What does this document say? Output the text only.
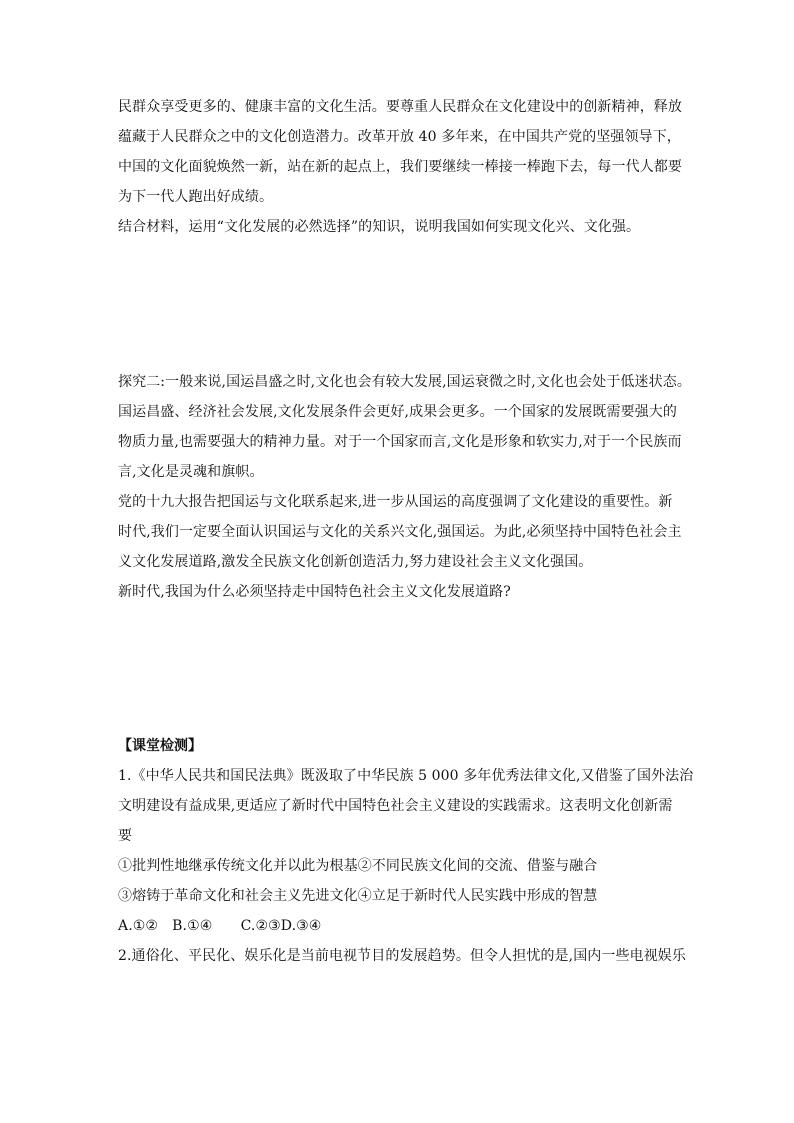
民群众享受更多的、健康丰富的文化生活。要尊重人民群众在文化建设中的创新精神，释放

蕴藏于人民群众之中的文化创造潜力。改革开放 40 多年来，在中国共产党的坚强领导下，

中国的文化面貌焕然一新，站在新的起点上，我们要继续一棒接一棒跑下去，每一代人都要

为下一代人跑出好成绩。

结合材料，运用“文化发展的必然选择”的知识，说明我国如何实现文化兴、文化强。

探究二:一般来说,国运昌盛之时,文化也会有较大发展,国运衰微之时,文化也会处于低迷状态。

国运昌盛、经济社会发展,文化发展条件会更好,成果会更多。一个国家的发展既需要强大的

物质力量,也需要强大的精神力量。对于一个国家而言,文化是形象和软实力,对于一个民族而

言,文化是灵魂和旗帜。

党的十九大报告把国运与文化联系起来,进一步从国运的高度强调了文化建设的重要性。新

时代,我们一定要全面认识国运与文化的关系兴文化,强国运。为此,必须坚持中国特色社会主

义文化发展道路,激发全民族文化创新创造活力,努力建设社会主义文化强国。

新时代,我国为什么必须坚持走中国特色社会主义文化发展道路?

【课堂检测】

1.《中华人民共和国民法典》既汲取了中华民族 5 000 多年优秀法律文化,又借鉴了国外法治

文明建设有益成果,更适应了新时代中国特色社会主义建设的实践需求。这表明文化创新需

要

①批判性地继承传统文化并以此为根基②不同民族文化间的交流、借鉴与融合

③熔铸于革命文化和社会主义先进文化④立足于新时代人民实践中形成的智慧

A.①②　B.①④　　C.②③D.③④

2.通俗化、平民化、娱乐化是当前电视节目的发展趋势。但令人担忧的是,国内一些电视娱乐
